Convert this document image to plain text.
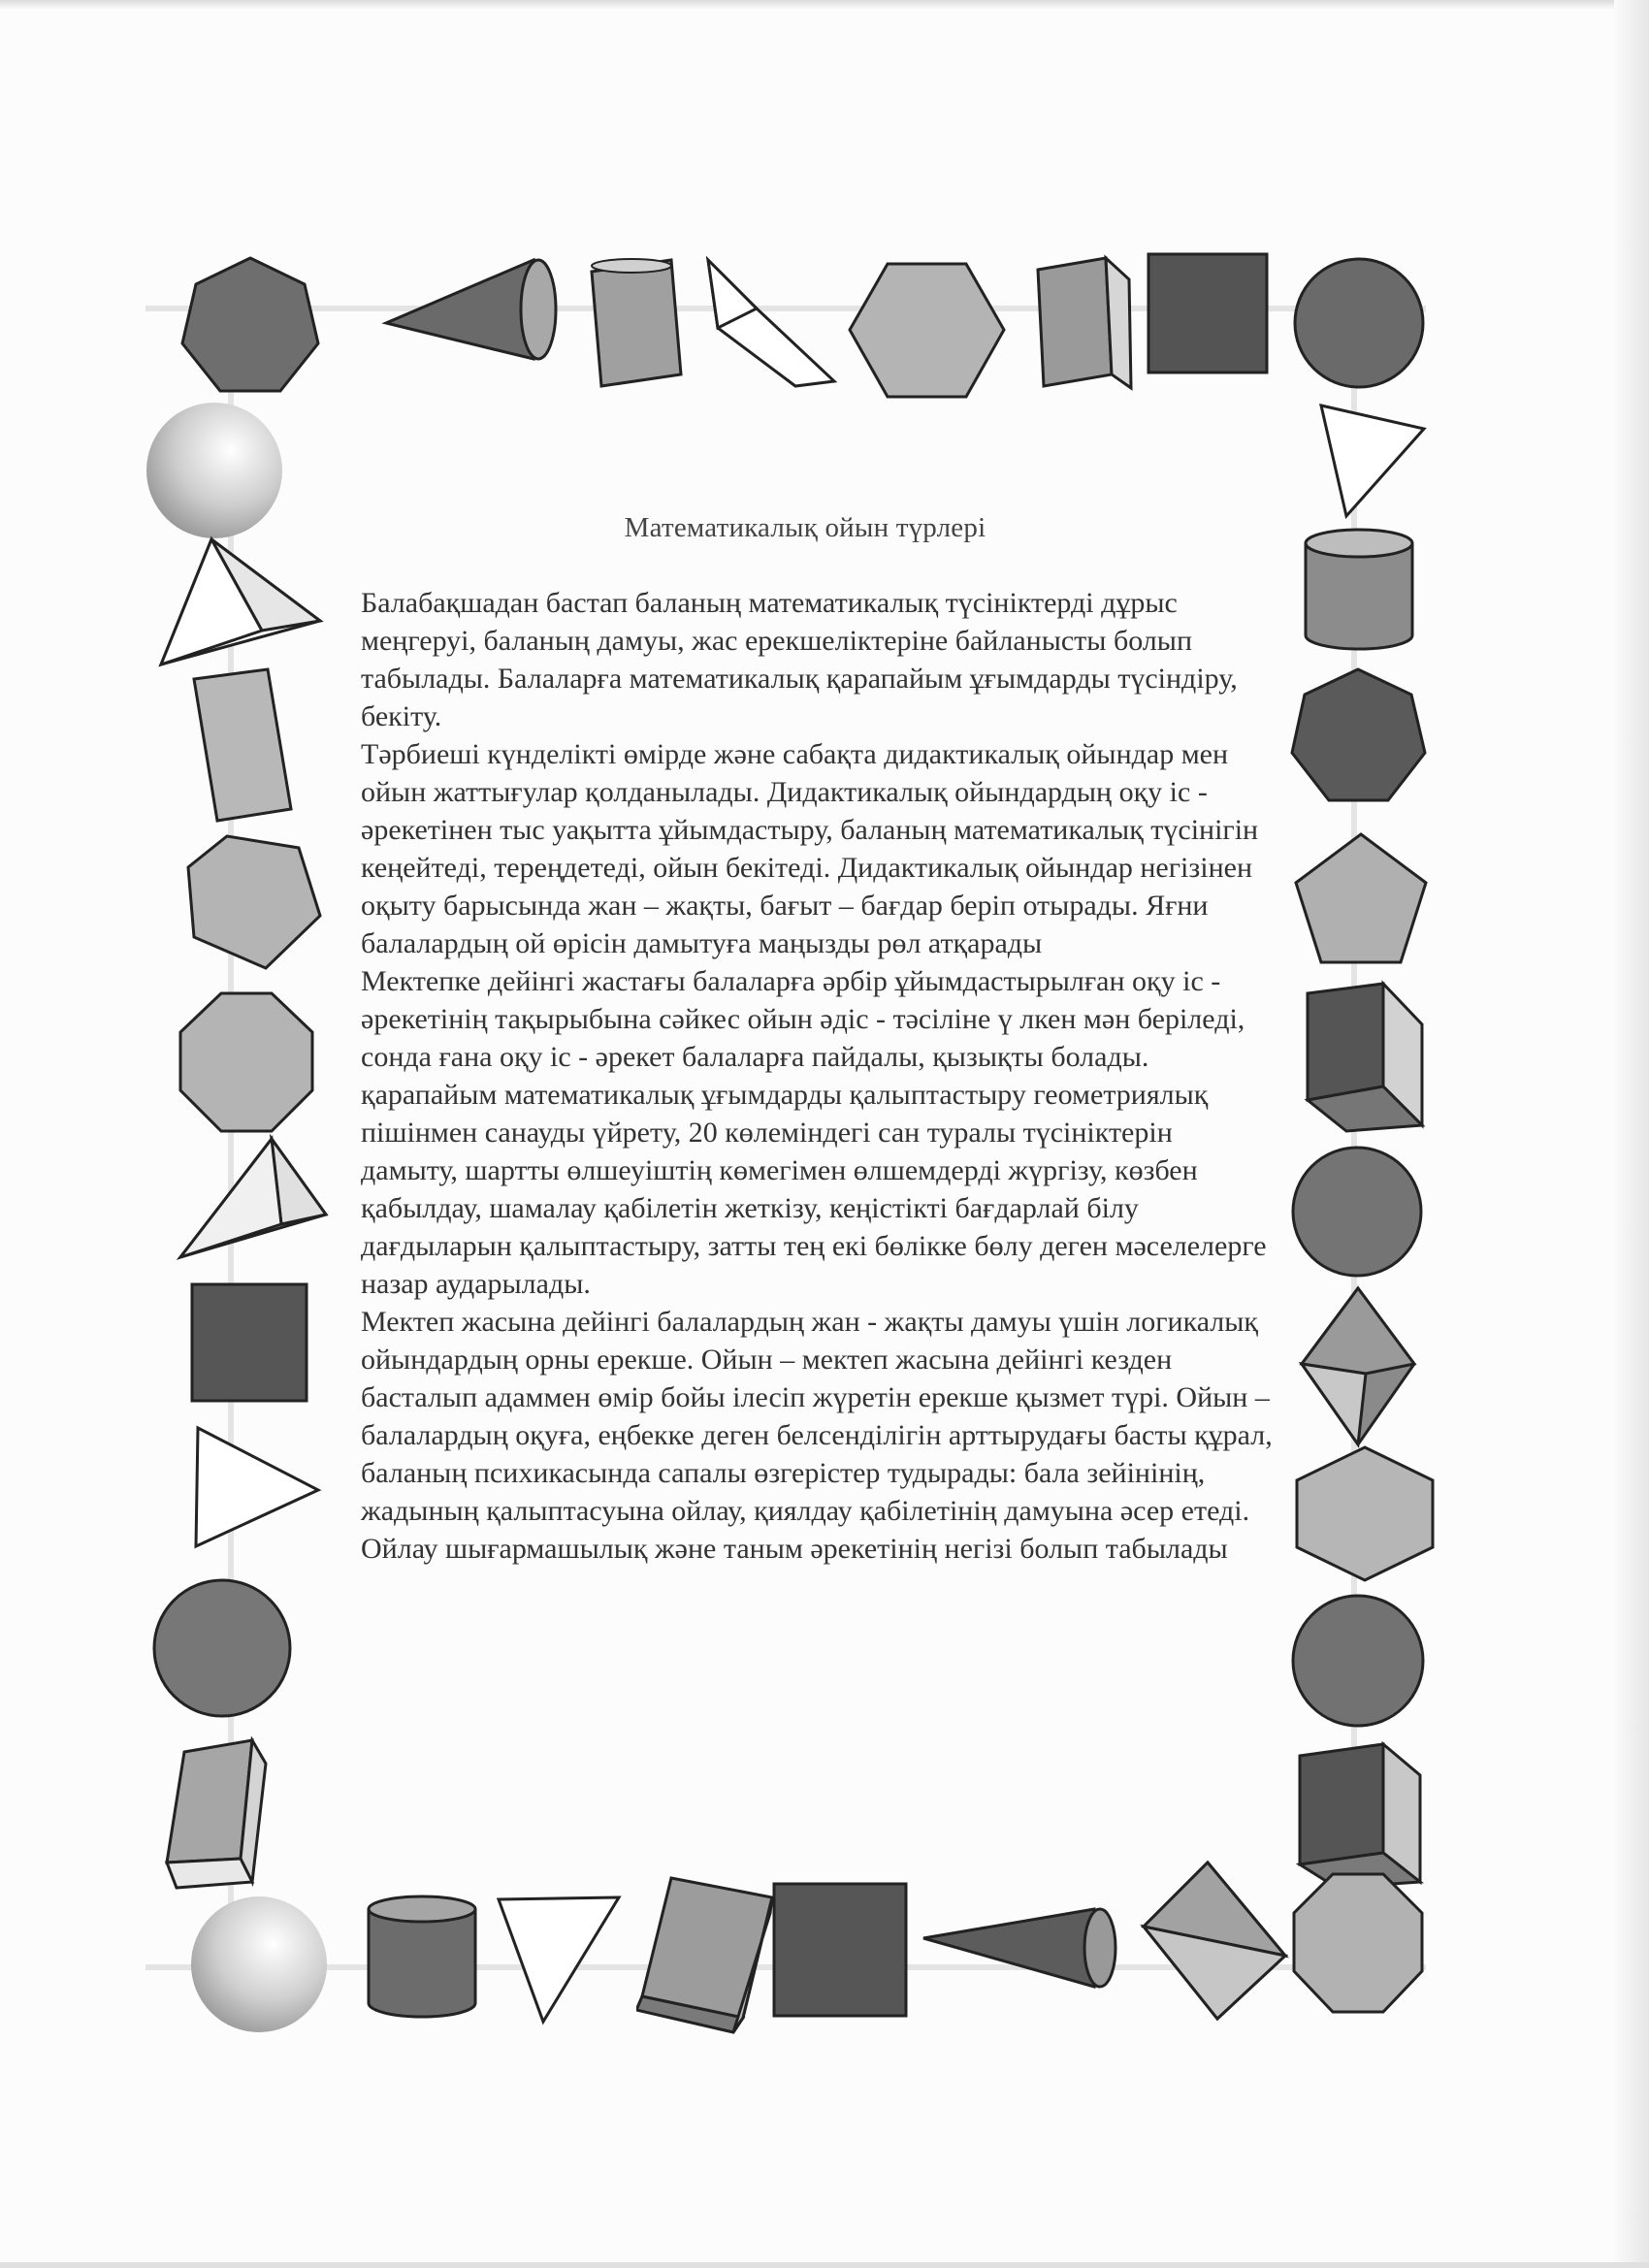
Математикалық ойын түрлері

Балабақшадан бастап баланың математикалық түсініктерді дұрыс меңгеруі, баланың дамуы, жас ерекшеліктеріне байланысты болып табылады. Балаларға математикалық қарапайым ұғымдарды түсіндіру, бекіту.

Тәрбиеші күнделікті өмірде және сабақта дидактикалық ойындар мен ойын жаттығулар қолданылады. Дидактикалық ойындардың оқу іс - әрекетінен тыс уақытта ұйымдастыру, баланың математикалық түсінігін кеңейтеді, тереңдетеді, ойын бекітеді. Дидактикалық ойындар негізінен оқыту барысында жан – жақты, бағыт – бағдар беріп отырады. Яғни балалардың ой өрісін дамытуға маңызды рөл атқарады

Мектепке дейінгі жастағы балаларға әрбір ұйымдастырылған оқу іс - әрекетінің тақырыбына сәйкес ойын әдіс - тәсіліне ү лкен мән беріледі, сонда ғана оқу іс - әрекет балаларға пайдалы, қызықты болады. қарапайым математикалық ұғымдарды қалыптастыру геометриялық пішінмен санауды үйрету, 20 көлеміндегі сан туралы түсініктерін дамыту, шартты өлшеуіштің көмегімен өлшемдерді жүргізу, көзбен қабылдау, шамалау қабілетін жеткізу, кеңістікті бағдарлай білу дағдыларын қалыптастыру, затты тең екі бөлікке бөлу деген мәселелерге назар аударылады.

Мектеп жасына дейінгі балалардың жан - жақты дамуы үшін логикалық ойындардың орны ерекше. Ойын – мектеп жасына дейінгі кезден басталып адаммен өмір бойы ілесіп жүретін ерекше қызмет түрі. Ойын – балалардың оқуға, еңбекке деген белсенділігін арттырудағы басты құрал, баланың психикасында сапалы өзгерістер тудырады: бала зейінінің, жадының қалыптасуына ойлау, қиялдау қабілетінің дамуына әсер етеді. Ойлау шығармашылық және таным әрекетінің негізі болып табылады
